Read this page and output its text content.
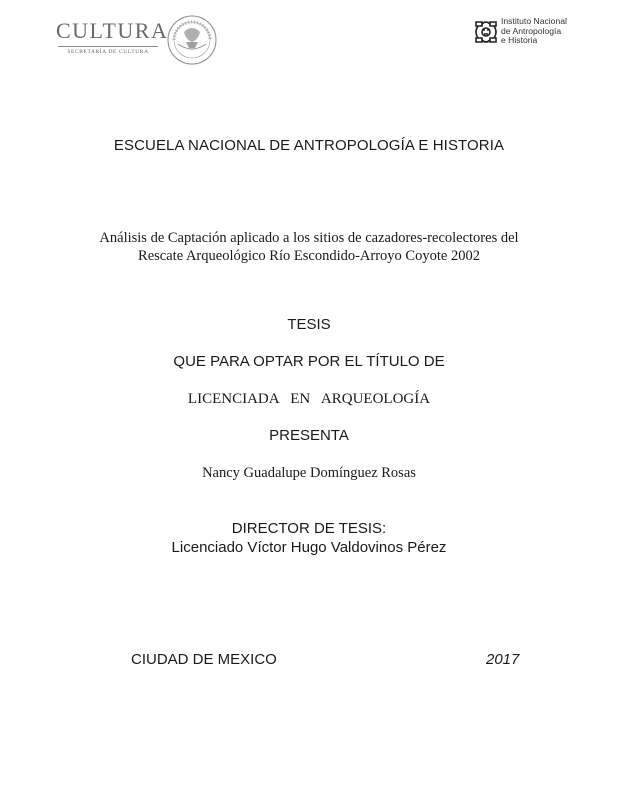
CULTURA
SECRETARÍA DE CULTURA
Instituto Nacional
de Antropología
e Historia
ESCUELA NACIONAL DE ANTROPOLOGÍA E HISTORIA
Análisis de Captación aplicado a los sitios de cazadores-recolectores del Rescate Arqueológico Río Escondido-Arroyo Coyote 2002
TESIS
QUE PARA OPTAR POR EL TÍTULO DE
LICENCIADA  EN  ARQUEOLOGÍA
PRESENTA
Nancy Guadalupe Domínguez Rosas
DIRECTOR DE TESIS:
Licenciado Víctor Hugo Valdovinos Pérez
CIUDAD DE MEXICO	2017
